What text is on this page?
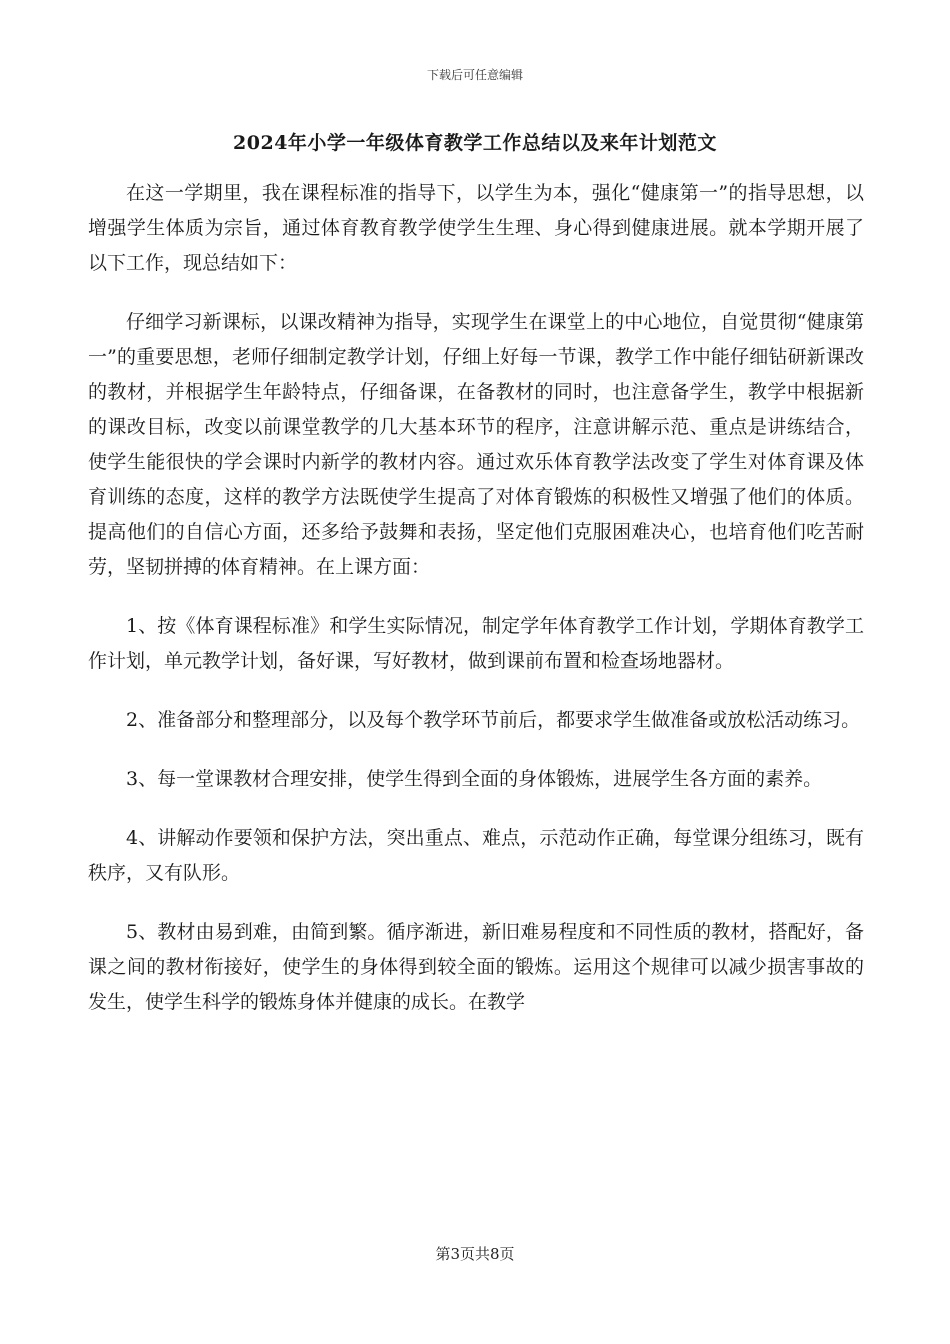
下载后可任意编辑
2024年小学一年级体育教学工作总结以及来年计划范文

在这一学期里，我在课程标准的指导下，以学生为本，强化“健康第一”的指导思想，以增强学生体质为宗旨，通过体育教育教学使学生生理、身心得到健康进展。就本学期开展了以下工作，现总结如下：

仔细学习新课标，以课改精神为指导，实现学生在课堂上的中心地位，自觉贯彻“健康第一”的重要思想，老师仔细制定教学计划，仔细上好每一节课，教学工作中能仔细钻研新课改的教材，并根据学生年龄特点，仔细备课，在备教材的同时，也注意备学生，教学中根据新的课改目标，改变以前课堂教学的几大基本环节的程序，注意讲解示范、重点是讲练结合，使学生能很快的学会课时内新学的教材内容。通过欢乐体育教学法改变了学生对体育课及体育训练的态度，这样的教学方法既使学生提高了对体育锻炼的积极性又增强了他们的体质。提高他们的自信心方面，还多给予鼓舞和表扬，坚定他们克服困难决心，也培育他们吃苦耐劳，坚韧拼搏的体育精神。在上课方面：

1、按《体育课程标准》和学生实际情况，制定学年体育教学工作计划，学期体育教学工作计划，单元教学计划，备好课，写好教材，做到课前布置和检查场地器材。

2、准备部分和整理部分，以及每个教学环节前后，都要求学生做准备或放松活动练习。

3、每一堂课教材合理安排，使学生得到全面的身体锻炼，进展学生各方面的素养。

4、讲解动作要领和保护方法，突出重点、难点，示范动作正确，每堂课分组练习，既有秩序，又有队形。

5、教材由易到难，由简到繁。循序渐进，新旧难易程度和不同性质的教材，搭配好，备课之间的教材衔接好，使学生的身体得到较全面的锻炼。运用这个规律可以减少损害事故的发生，使学生科学的锻炼身体并健康的成长。在教学

第3页共8页
